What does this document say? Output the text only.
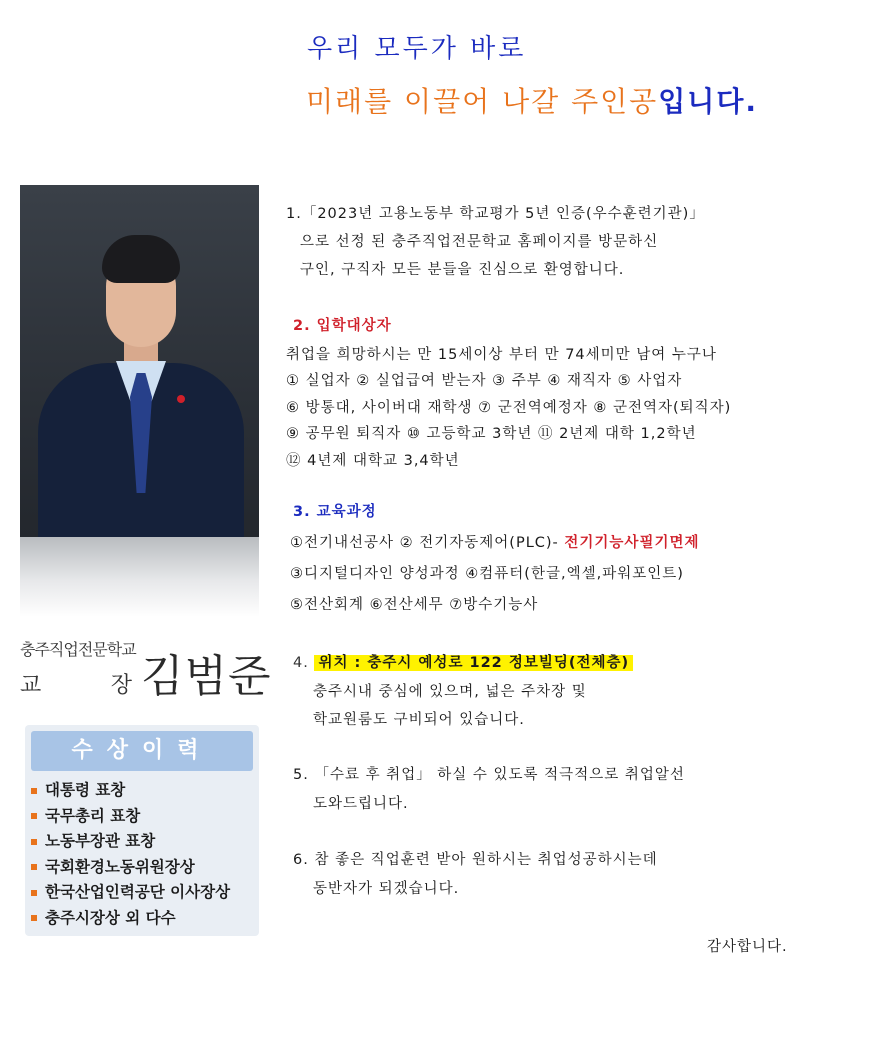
우리 모두가 바로
미래를 이끌어 나갈 주인공입니다.
충주직업전문학교
교	장 김범준
수상이력
대통령 표창
국무총리 표창
노동부장관 표창
국회환경노동위원장상
한국산업인력공단 이사장상
충주시장상 외 다수
1.「2023년 고용노동부 학교평가 5년 인증(우수훈련기관)」
으로 선정 된 충주직업전문학교 홈페이지를 방문하신
구인, 구직자 모든 분들을 진심으로 환영합니다.
2. 입학대상자
취업을 희망하시는 만 15세이상 부터 만 74세미만 남여 누구나
① 실업자 ② 실업급여 받는자 ③ 주부 ④ 재직자 ⑤ 사업자
⑥ 방통대, 사이버대 재학생 ⑦ 군전역예정자 ⑧ 군전역자(퇴직자)
⑨ 공무원 퇴직자 ⑩ 고등학교 3학년 ⑪ 2년제 대학 1,2학년
⑫ 4년제 대학교 3,4학년
3. 교육과정
①전기내선공사 ② 전기자동제어(PLC)- 전기기능사필기면제
③디지털디자인 양성과정 ④컴퓨터(한글,엑셀,파워포인트)
⑤전산회계 ⑥전산세무 ⑦방수기능사
4. 위치 : 충주시 예성로 122 정보빌딩(전체층)
충주시내 중심에 있으며, 넓은 주차장 및
학교원룸도 구비되어 있습니다.
5. 「수료 후 취업」 하실 수 있도록 적극적으로 취업알선
도와드립니다.
6. 참 좋은 직업훈련 받아 원하시는 취업성공하시는데
동반자가 되겠습니다.
감사합니다.
